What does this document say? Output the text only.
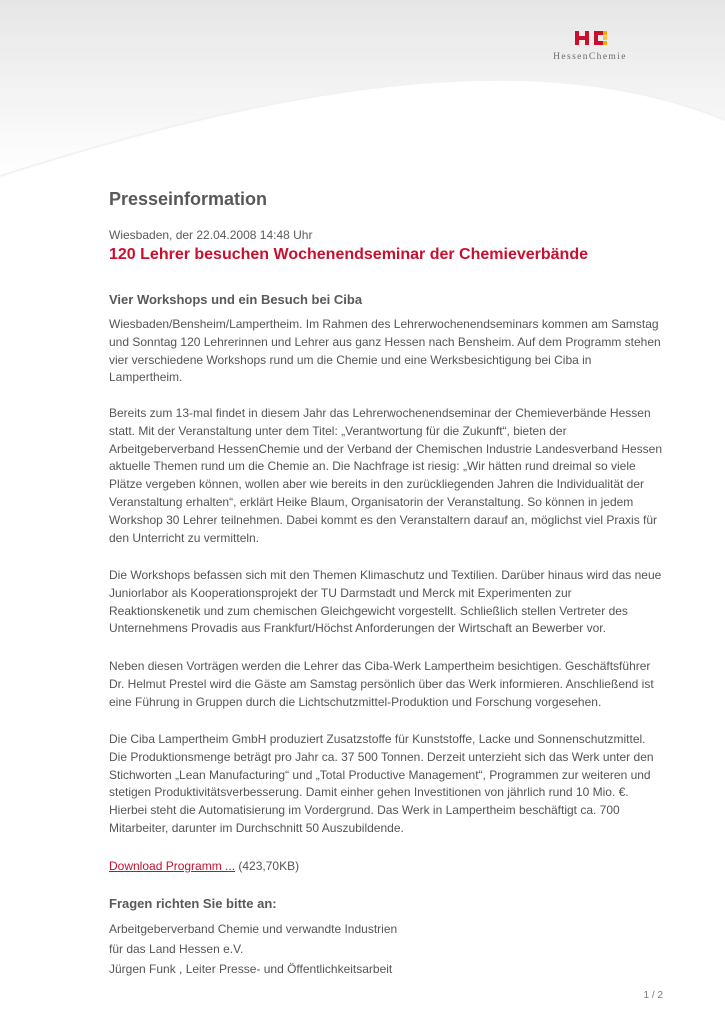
HessenChemie
Presseinformation
Wiesbaden, der 22.04.2008 14:48 Uhr
120 Lehrer besuchen Wochenendseminar der Chemieverbände
Vier Workshops und ein Besuch bei Ciba

Wiesbaden/Bensheim/Lampertheim. Im Rahmen des Lehrerwochenendseminars kommen am Samstag und Sonntag 120 Lehrerinnen und Lehrer aus ganz Hessen nach Bensheim. Auf dem Programm stehen vier verschiedene Workshops rund um die Chemie und eine Werksbesichtigung bei Ciba in Lampertheim.

Bereits zum 13-mal findet in diesem Jahr das Lehrerwochenendseminar der Chemieverbände Hessen statt. Mit der Veranstaltung unter dem Titel: „Verantwortung für die Zukunft“, bieten der Arbeitgeberverband HessenChemie und der Verband der Chemischen Industrie Landesverband Hessen aktuelle Themen rund um die Chemie an. Die Nachfrage ist riesig: „Wir hätten rund dreimal so viele Plätze vergeben können, wollen aber wie bereits in den zurückliegenden Jahren die Individualität der Veranstaltung erhalten“, erklärt Heike Blaum, Organisatorin der Veranstaltung. So können in jedem Workshop 30 Lehrer teilnehmen. Dabei kommt es den Veranstaltern darauf an, möglichst viel Praxis für den Unterricht zu vermitteln.

Die Workshops befassen sich mit den Themen Klimaschutz und Textilien. Darüber hinaus wird das neue Juniorlabor als Kooperationsprojekt der TU Darmstadt und Merck mit Experimenten zur Reaktionskenetik und zum chemischen Gleichgewicht vorgestellt. Schließlich stellen Vertreter des Unternehmens Provadis aus Frankfurt/Höchst Anforderungen der Wirtschaft an Bewerber vor.

Neben diesen Vorträgen werden die Lehrer das Ciba-Werk Lampertheim besichtigen. Geschäftsführer Dr. Helmut Prestel wird die Gäste am Samstag persönlich über das Werk informieren. Anschließend ist eine Führung in Gruppen durch die Lichtschutzmittel-Produktion und Forschung vorgesehen.

Die Ciba Lampertheim GmbH produziert Zusatzstoffe für Kunststoffe, Lacke und Sonnenschutzmittel. Die Produktionsmenge beträgt pro Jahr ca. 37 500 Tonnen. Derzeit unterzieht sich das Werk unter den Stichworten „Lean Manufacturing“ und „Total Productive Management“, Programmen zur weiteren und stetigen Produktivitätsverbesserung. Damit einher gehen Investitionen von jährlich rund 10 Mio. €. Hierbei steht die Automatisierung im Vordergrund. Das Werk in Lampertheim beschäftigt ca. 700 Mitarbeiter, darunter im Durchschnitt 50 Auszubildende.

Download Programm ... (423,70KB)
Fragen richten Sie bitte an:
Arbeitgeberverband Chemie und verwandte Industrien
für das Land Hessen e.V.
Jürgen Funk , Leiter Presse- und Öffentlichkeitsarbeit
1 / 2
